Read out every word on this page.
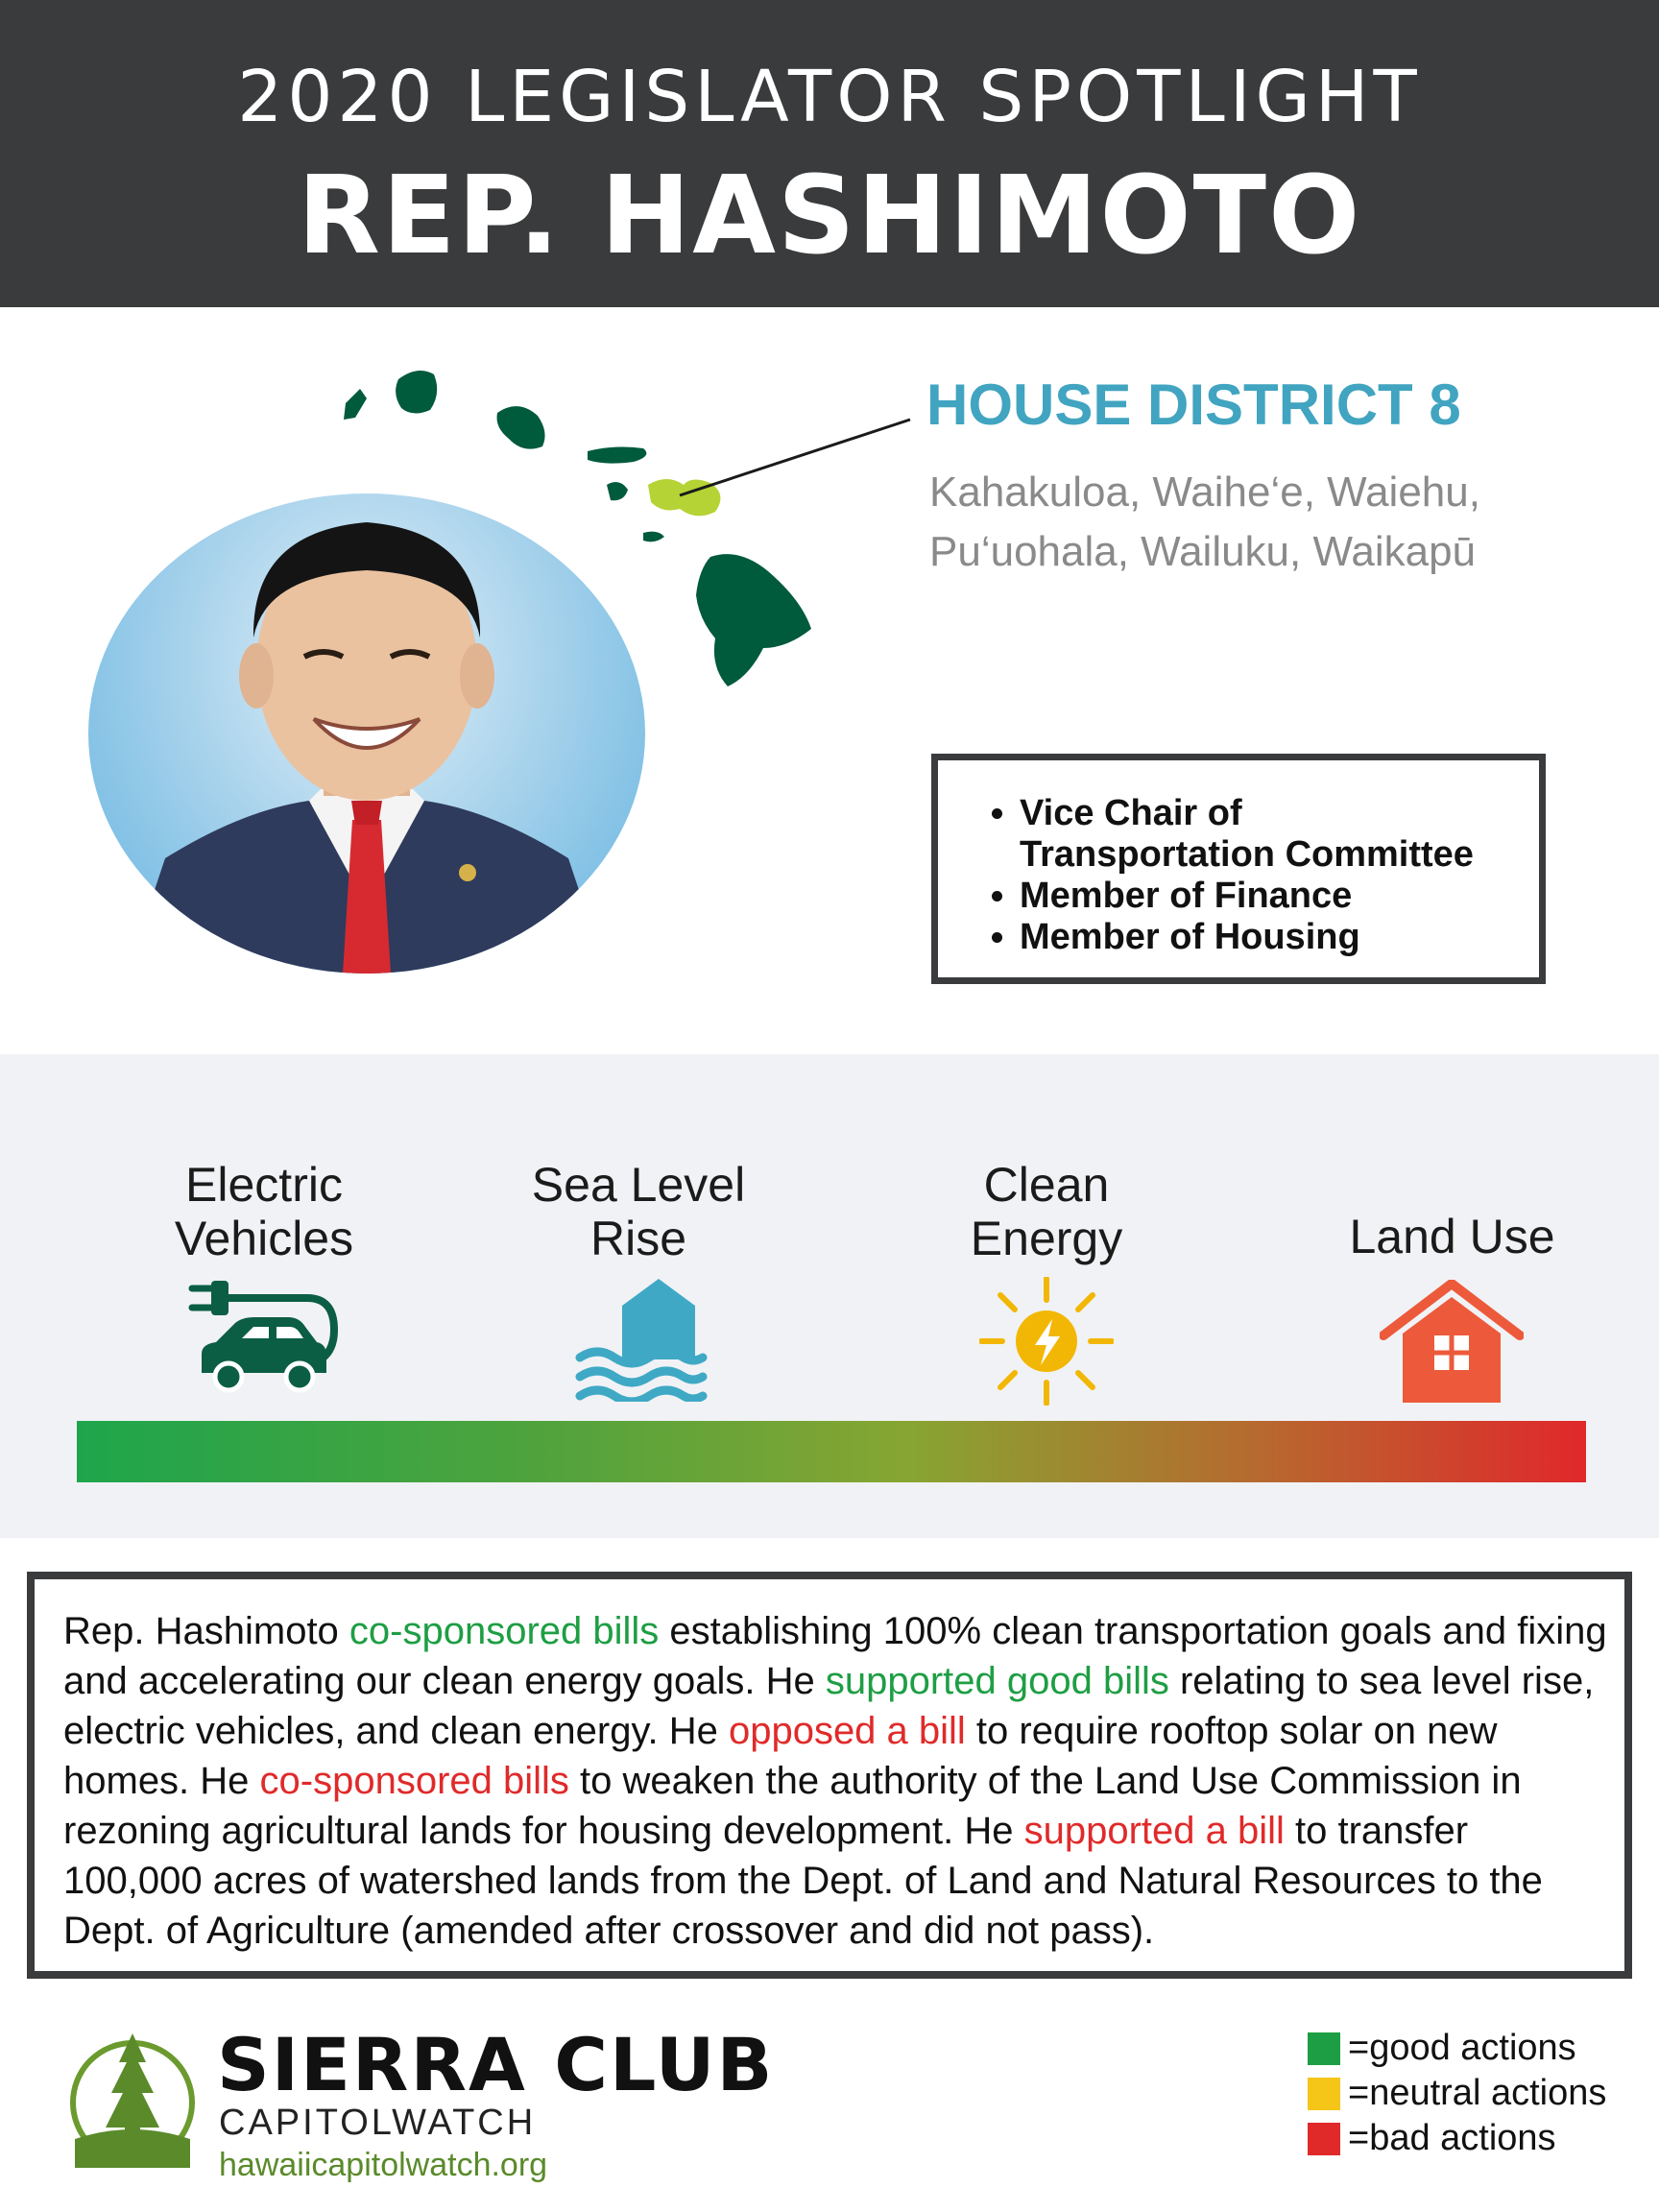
2020 LEGISLATOR SPOTLIGHT
REP. HASHIMOTO
HOUSE DISTRICT 8
Kahakuloa, Waihe‘e, Waiehu,
Pu‘uohala, Wailuku, Waikapū
• Vice Chair of
Transportation Committee
• Member of Finance
• Member of Housing
Electric
Vehicles
Sea Level
Rise
Clean
Energy	Land Use

Rep. Hashimoto co-sponsored bills establishing 100% clean transportation goals and fixing and accelerating our clean energy goals. He supported good bills relating to sea level rise, electric vehicles, and clean energy. He opposed a bill to require rooftop solar on new homes. He co-sponsored bills to weaken the authority of the Land Use Commission in rezoning agricultural lands for housing development. He supported a bill to transfer 100,000 acres of watershed lands from the Dept. of Land and Natural Resources to the Dept. of Agriculture (amended after crossover and did not pass).

SIERRA CLUB
CAPITOLWATCH
hawaiicapitolwatch.org
=good actions
=neutral actions
=bad actions
